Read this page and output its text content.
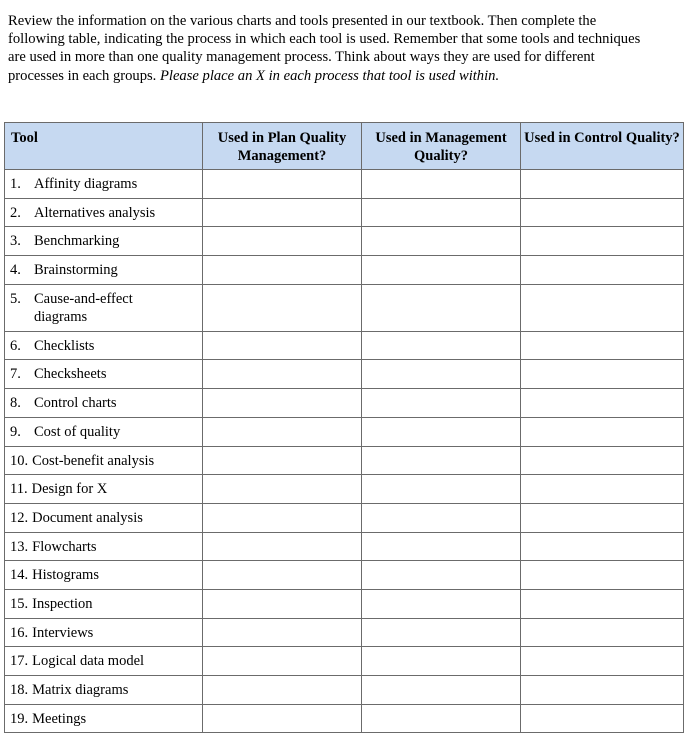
Review the information on the various charts and tools presented in our textbook. Then complete the following table, indicating the process in which each tool is used. Remember that some tools and techniques are used in more than one quality management process. Think about ways they are used for different processes in each groups. Please place an X in each process that tool is used within.

Tool	Used in Plan Quality Management?	Used in Management Quality?	Used in Control Quality?
1. Affinity diagrams			
2. Alternatives analysis			
3. Benchmarking			
4. Brainstorming			
5. Cause-and-effect diagrams			
6. Checklists			
7. Checksheets			
8. Control charts			
9. Cost of quality			
10. Cost-benefit analysis			
11. Design for X			
12. Document analysis			
13. Flowcharts			
14. Histograms			
15. Inspection			
16. Interviews			
17. Logical data model			
18. Matrix diagrams			
19. Meetings			
